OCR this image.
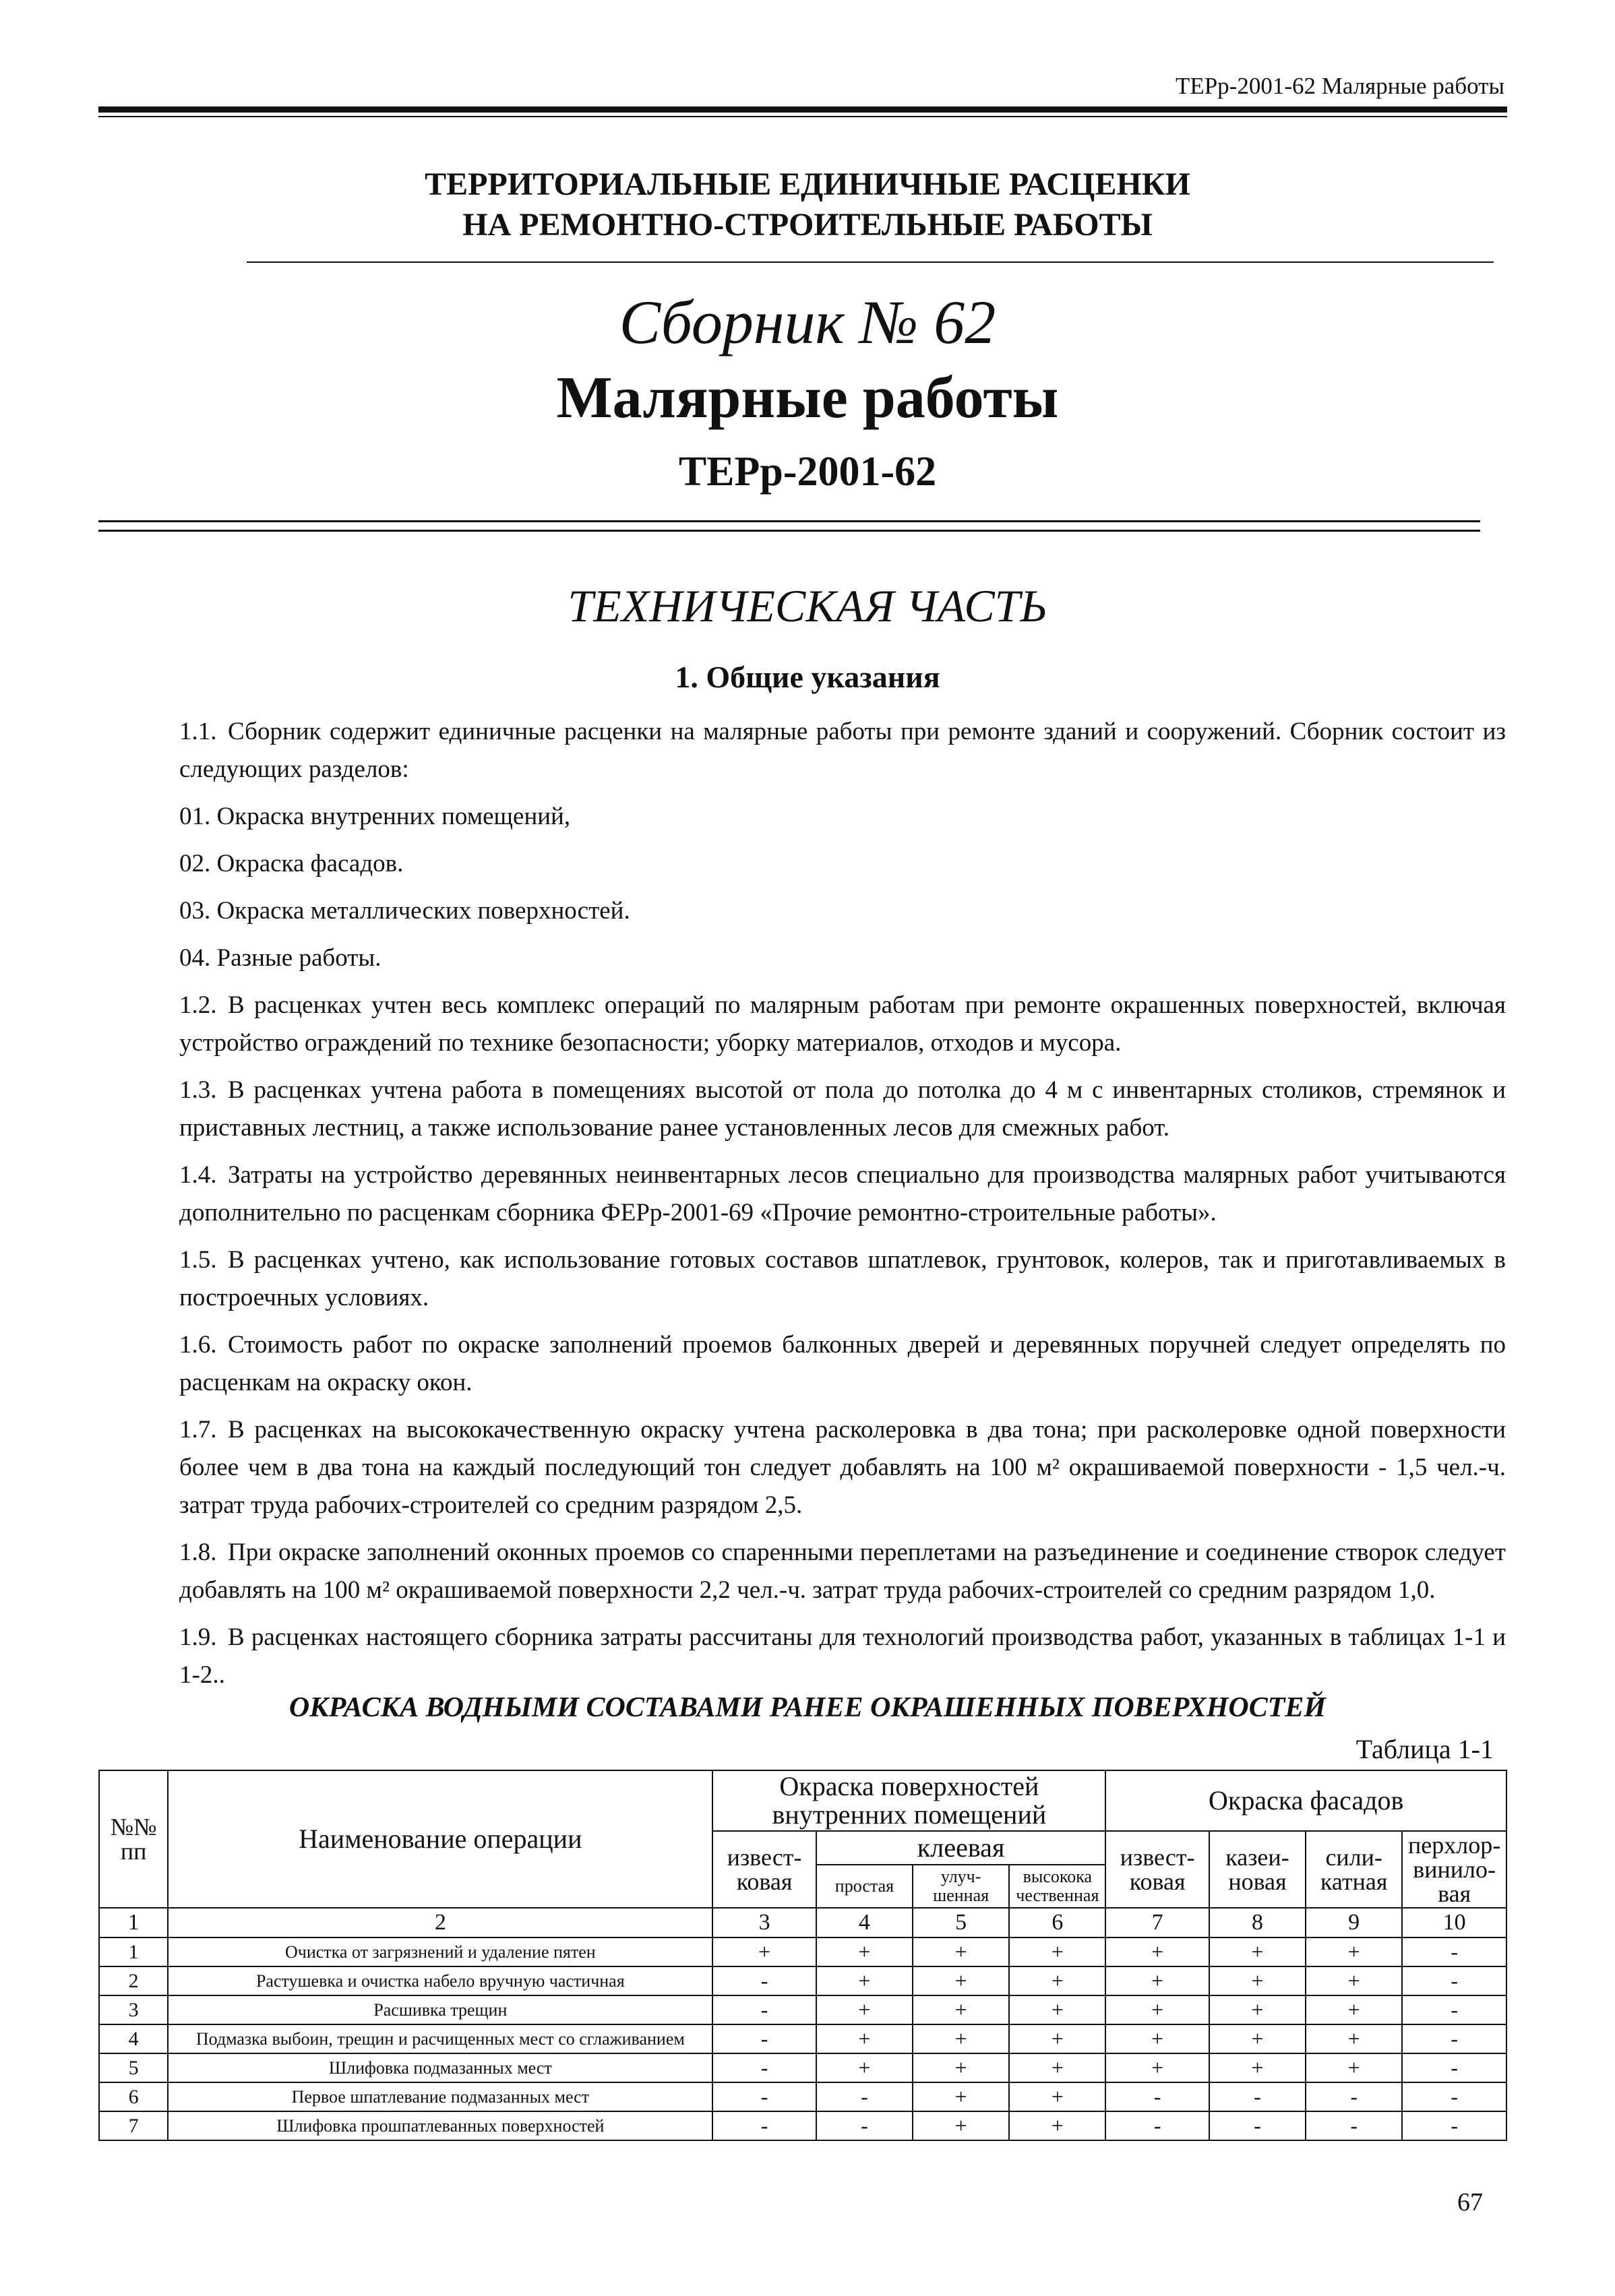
ТЕРр-2001-62 Малярные работы
ТЕРРИТОРИАЛЬНЫЕ ЕДИНИЧНЫЕ РАСЦЕНКИ
НА РЕМОНТНО-СТРОИТЕЛЬНЫЕ РАБОТЫ
Сборник № 62
Малярные работы
ТЕРр-2001-62
ТЕХНИЧЕСКАЯ ЧАСТЬ
1. Общие указания

1.1. Сборник содержит единичные расценки на малярные работы при ремонте зданий и сооружений. Сборник состоит из следующих разделов:

01. Окраска внутренних помещений,
02. Окраска фасадов.
03. Окраска металлических поверхностей.
04. Разные работы.

1.2. В расценках учтен весь комплекс операций по малярным работам при ремонте окрашенных поверхностей, включая устройство ограждений по технике безопасности; уборку материалов, отходов и мусора.

1.3. В расценках учтена работа в помещениях высотой от пола до потолка до 4 м с инвентарных столиков, стремянок и приставных лестниц, а также использование ранее установленных лесов для смежных работ.

1.4. Затраты на устройство деревянных неинвентарных лесов специально для производства малярных работ учитываются дополнительно по расценкам сборника ФЕРр-2001-69 «Прочие ремонтно-строительные работы».

1.5. В расценках учтено, как использование готовых составов шпатлевок, грунтовок, колеров, так и приготавливаемых в построечных условиях.

1.6. Стоимость работ по окраске заполнений проемов балконных дверей и деревянных поручней следует определять по расценкам на окраску окон.

1.7. В расценках на высококачественную окраску учтена расколеровка в два тона; при расколеровке одной поверхности более чем в два тона на каждый последующий тон следует добавлять на 100 м² окрашиваемой поверхности - 1,5 чел.-ч. затрат труда рабочих-строителей со средним разрядом 2,5.

1.8. При окраске заполнений оконных проемов со спаренными переплетами на разъединение и соединение створок следует добавлять на 100 м² окрашиваемой поверхности 2,2 чел.-ч. затрат труда рабочих-строителей со средним разрядом 1,0.

1.9. В расценках настоящего сборника затраты рассчитаны для технологий производства работ, указанных в таблицах 1-1 и 1-2..

ОКРАСКА ВОДНЫМИ СОСТАВАМИ РАНЕЕ ОКРАШЕННЫХ ПОВЕРХНОСТЕЙ
Таблица 1-1
№№ пп	Наименование операции	Окраска поверхностей внутренних помещений				Окраска фасадов			
		извест- ковая	клеевая			извест- ковая	казеи- новая	сили- катная	перхлор- винило- вая
			простая	улуч- шенная	высокока чественная				
1	2	3	4	5	6	7	8	9	10
1	Очистка от загрязнений и удаление пятен	+	+	+	+	+	+	+	-
2	Растушевка и очистка набело вручную частичная	-	+	+	+	+	+	+	-
3	Расшивка трещин	-	+	+	+	+	+	+	-
4	Подмазка выбоин, трещин и расчищенных мест со сглаживанием	-	+	+	+	+	+	+	-
5	Шлифовка подмазанных мест	-	+	+	+	+	+	+	-
6	Первое шпатлевание подмазанных мест	-	-	+	+	-	-	-	-
7	Шлифовка прошпатлеванных поверхностей	-	-	+	+	-	-	-	-
67
